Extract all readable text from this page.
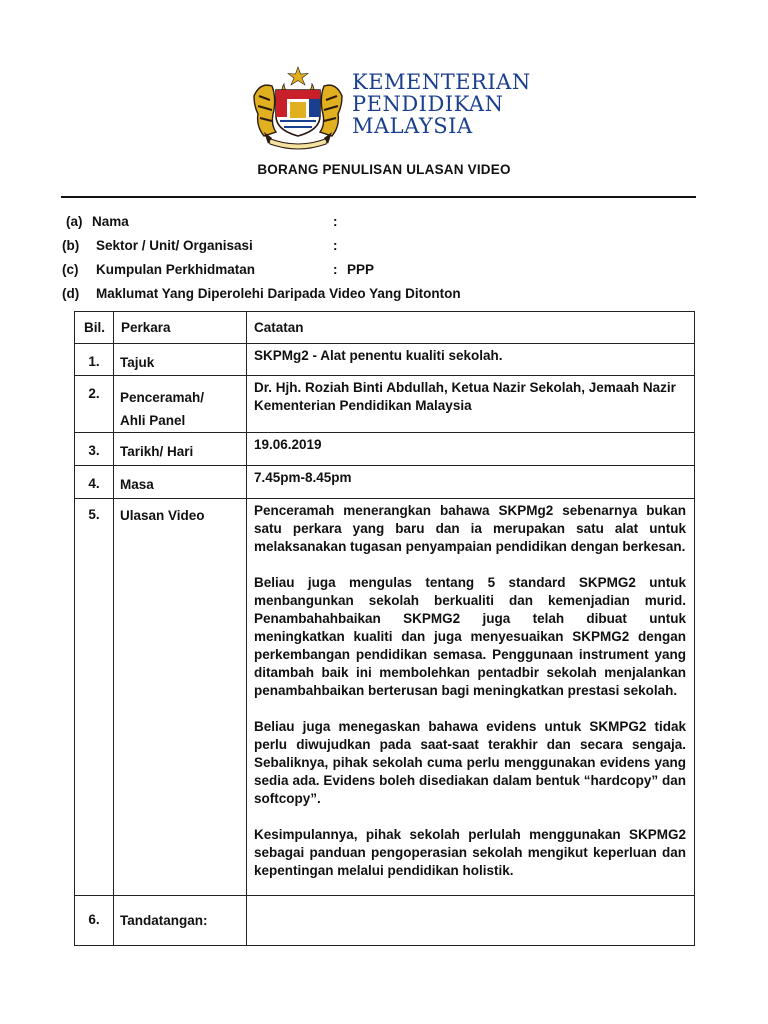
KEMENTERIAN
PENDIDIKAN
MALAYSIA
BORANG PENULISAN ULASAN VIDEO
(a) Nama	:
(b) Sektor / Unit/ Organisasi	:
(c) Kumpulan Perkhidmatan	: PPP
(d) Maklumat Yang Diperolehi Daripada Video Yang Ditonton
Bil.	Perkara	Catatan

1.	Tajuk	SKPMg2 - Alat penentu kualiti sekolah.

2.	Penceramah/ Ahli Panel	Dr. Hjh. Roziah Binti Abdullah, Ketua Nazir Sekolah, Jemaah Nazir Kementerian Pendidikan Malaysia

3.	Tarikh/ Hari	19.06.2019

4.	Masa	7.45pm-8.45pm

5.	Ulasan Video	Penceramah menerangkan bahawa SKPMg2 sebenarnya bukan satu perkara yang baru dan ia merupakan satu alat untuk melaksanakan tugasan penyampaian pendidikan dengan berkesan.

Beliau juga mengulas tentang 5 standard SKPMG2 untuk menbangunkan sekolah berkualiti dan kemenjadian murid. Penambahahbaikan SKPMG2 juga telah dibuat untuk meningkatkan kualiti dan juga menyesuaikan SKPMG2 dengan perkembangan pendidikan semasa. Penggunaan instrument yang ditambah baik ini membolehkan pentadbir sekolah menjalankan penambahbaikan berterusan bagi meningkatkan prestasi sekolah.

Beliau juga menegaskan bahawa evidens untuk SKMPG2 tidak perlu diwujudkan pada saat-saat terakhir dan secara sengaja. Sebaliknya, pihak sekolah cuma perlu menggunakan evidens yang sedia ada. Evidens boleh disediakan dalam bentuk “hardcopy” dan softcopy”.

Kesimpulannya, pihak sekolah perlulah menggunakan SKPMG2 sebagai panduan pengoperasian sekolah mengikut keperluan dan kepentingan melalui pendidikan holistik.

6.	Tandatangan:	
